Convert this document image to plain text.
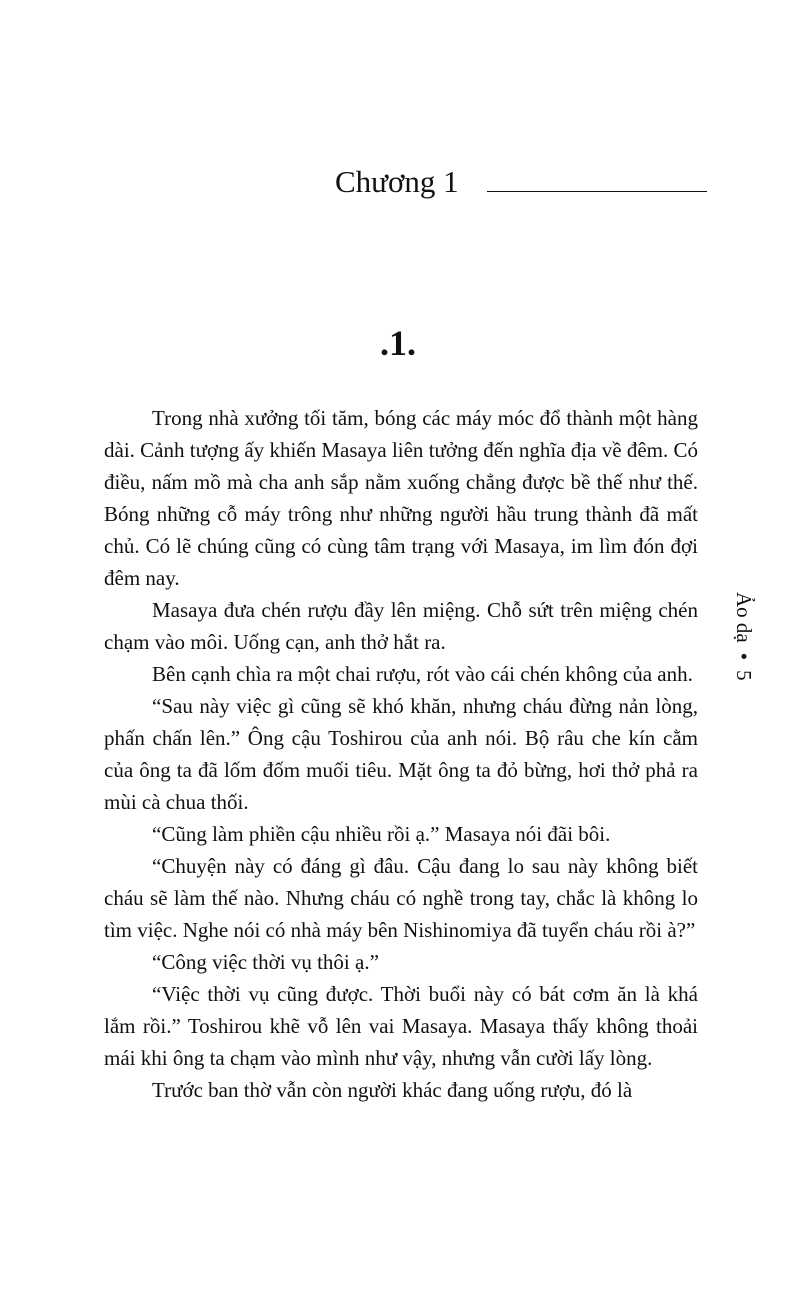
Chương 1
.1.

Trong nhà xưởng tối tăm, bóng các máy móc đổ thành một hàng dài. Cảnh tượng ấy khiến Masaya liên tưởng đến nghĩa địa về đêm. Có điều, nấm mồ mà cha anh sắp nằm xuống chẳng được bề thế như thế. Bóng những cỗ máy trông như những người hầu trung thành đã mất chủ. Có lẽ chúng cũng có cùng tâm trạng với Masaya, im lìm đón đợi đêm nay.

Masaya đưa chén rượu đầy lên miệng. Chỗ sứt trên miệng chén chạm vào môi. Uống cạn, anh thở hắt ra.

Bên cạnh chìa ra một chai rượu, rót vào cái chén không của anh.

“Sau này việc gì cũng sẽ khó khăn, nhưng cháu đừng nản lòng, phấn chấn lên.” Ông cậu Toshirou của anh nói. Bộ râu che kín cằm của ông ta đã lốm đốm muối tiêu. Mặt ông ta đỏ bừng, hơi thở phả ra mùi cà chua thối.

“Cũng làm phiền cậu nhiều rồi ạ.” Masaya nói đãi bôi.

“Chuyện này có đáng gì đâu. Cậu đang lo sau này không biết cháu sẽ làm thế nào. Nhưng cháu có nghề trong tay, chắc là không lo tìm việc. Nghe nói có nhà máy bên Nishinomiya đã tuyển cháu rồi à?”

“Công việc thời vụ thôi ạ.”

“Việc thời vụ cũng được. Thời buổi này có bát cơm ăn là khá lắm rồi.” Toshirou khẽ vỗ lên vai Masaya. Masaya thấy không thoải mái khi ông ta chạm vào mình như vậy, nhưng vẫn cười lấy lòng.

Trước ban thờ vẫn còn người khác đang uống rượu, đó là

Ảo dạ
•
5
